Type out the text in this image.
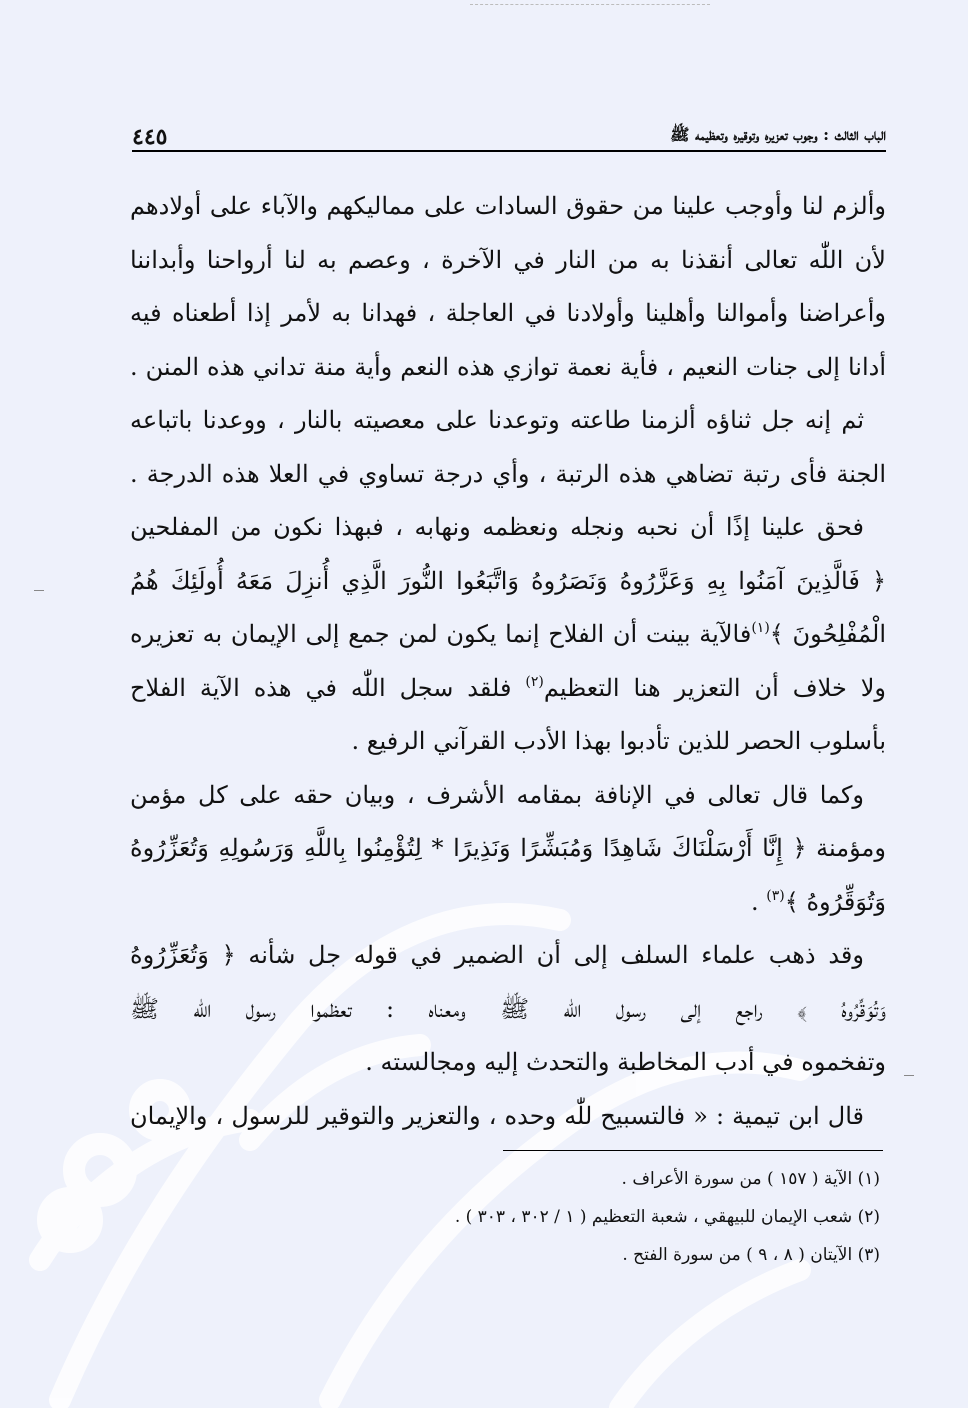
الباب الثالث : وجوب تعزيره وتوقيره وتعظيمه ﷺ
٤٤٥
وألزم لنا وأوجب علينا من حقوق السادات على مماليكهم والآباء على أولادهم
لأن اللّٰه تعالى أنقذنا به من النار في الآخرة ، وعصم به لنا أرواحنا وأبداننا
وأعراضنا وأموالنا وأهلينا وأولادنا في العاجلة ، فهدانا به لأمر إذا أطعناه فيه
أدانا إلى جنات النعيم ، فأية نعمة توازي هذه النعم وأية منة تداني هذه المنن .
ثم إنه جل ثناؤه ألزمنا طاعته وتوعدنا على معصيته بالنار ، ووعدنا باتباعه
الجنة فأى رتبة تضاهي هذه الرتبة ، وأي درجة تساوي في العلا هذه الدرجة .
فحق علينا إذًا أن نحبه ونجله ونعظمه ونهابه ، فبهذا نكون من المفلحين
﴿ فَالَّذِينَ آمَنُوا بِهِ وَعَزَّرُوهُ وَنَصَرُوهُ وَاتَّبَعُوا النُّورَ الَّذِي أُنزِلَ مَعَهُ أُولَئِكَ هُمُ
الْمُفْلِحُونَ ﴾$^{(١)}$فالآية بينت أن الفلاح إنما يكون لمن جمع إلى الإيمان به تعزيره
ولا خلاف أن التعزير هنا التعظيم$^{(٢)}$ فلقد سجل اللّٰه في هذه الآية الفلاح
بأسلوب الحصر للذين تأدبوا بهذا الأدب القرآني الرفيع .
وكما قال تعالى في الإنافة بمقامه الأشرف ، وبيان حقه على كل مؤمن
ومؤمنة ﴿ إِنَّا أَرْسَلْنَاكَ شَاهِدًا وَمُبَشِّرًا وَنَذِيرًا * لِتُؤْمِنُوا بِاللَّهِ وَرَسُولِهِ وَتُعَزِّرُوهُ
وَتُوَقِّرُوهُ ﴾$^{(٣)}$ .
وقد ذهب علماء السلف إلى أن الضمير في قوله جل شأنه ﴿ وَتُعَزِّرُوهُ
وَتُوَقِّرُوهُ ﴾ راجع إلى رسول اللّٰه ﷺ ومعناه : تعظموا رسول اللّٰه ﷺ
وتفخموه في أدب المخاطبة والتحدث إليه ومجالسته .
قال ابن تيمية : « فالتسبيح للّٰه وحده ، والتعزير والتوقير للرسول ، والإيمان
(١) الآية ( ١٥٧ ) من سورة الأعراف .
(٢) شعب الإيمان للبيهقي ، شعبة التعظيم ( ١ / ٣٠٢ ، ٣٠٣ ) .
(٣) الآيتان ( ٨ ، ٩ ) من سورة الفتح .
